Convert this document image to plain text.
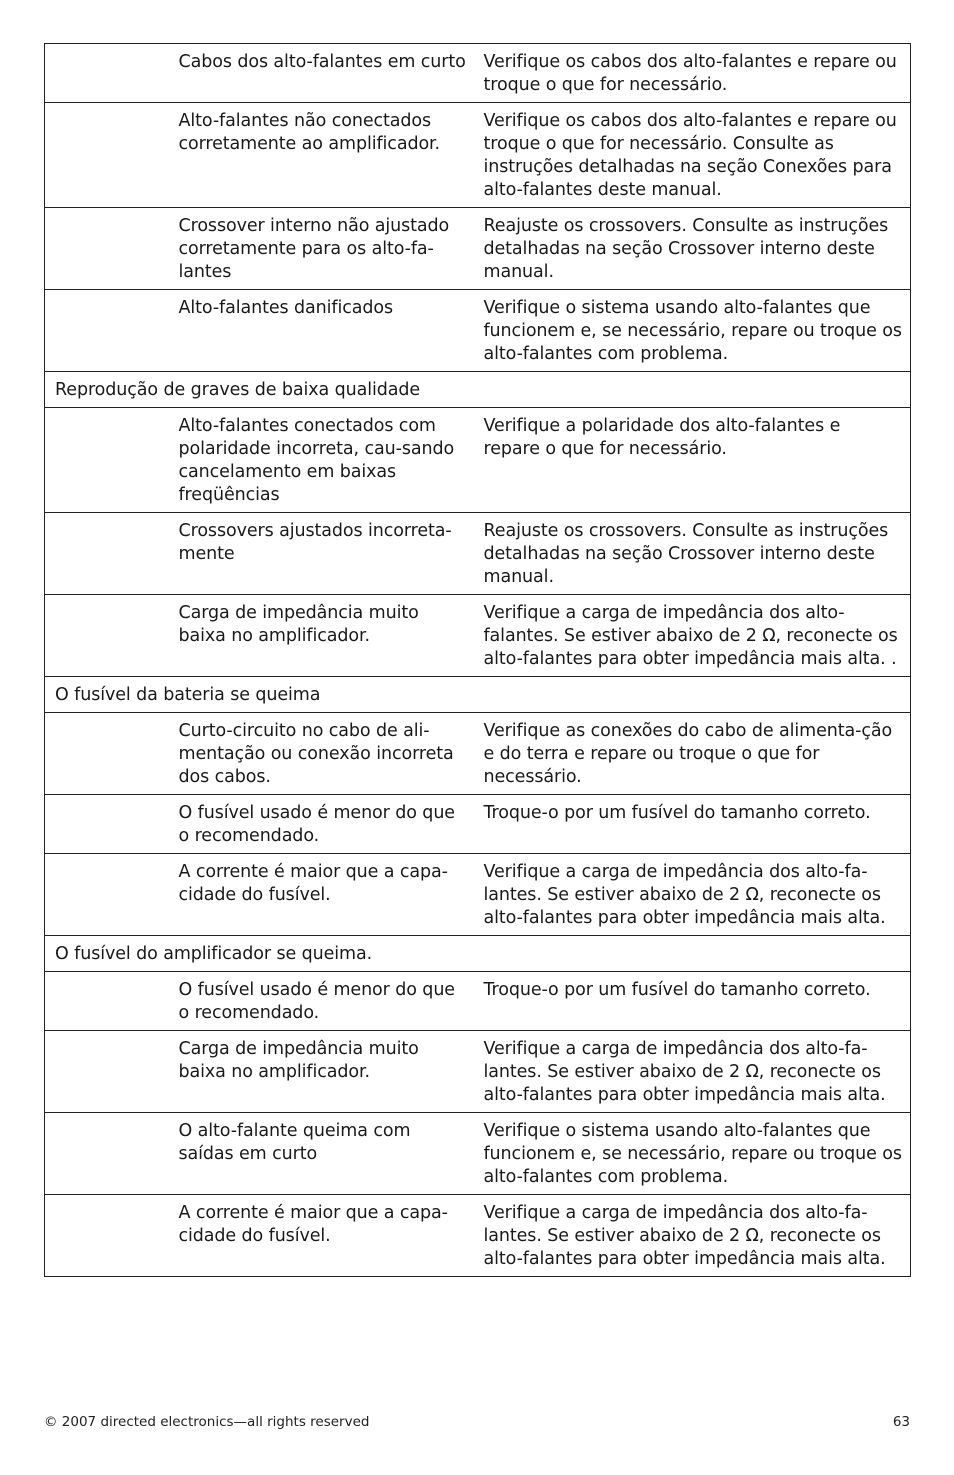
	Cabos dos alto-falantes em curto	Verifique os cabos dos alto-falantes e repare ou troque o que for necessário.
	Alto-falantes não conectados corretamente ao amplificador.	Verifique os cabos dos alto-falantes e repare ou troque o que for necessário. Consulte as instruções detalhadas na seção Conexões para alto-falantes deste manual.
	Crossover interno não ajustado corretamente para os alto-fa-lantes	Reajuste os crossovers. Consulte as instruções detalhadas na seção Crossover interno deste manual.
	Alto-falantes danificados	Verifique o sistema usando alto-falantes que funcionem e, se necessário, repare ou troque os alto-falantes com problema.
Reprodução de graves de baixa qualidade		
	Alto-falantes conectados com polaridade incorreta, cau-sando cancelamento em baixas freqüências	Verifique a polaridade dos alto-falantes e repare o que for necessário.
	Crossovers ajustados incorreta-mente	Reajuste os crossovers. Consulte as instruções detalhadas na seção Crossover interno deste manual.
	Carga de impedância muito baixa no amplificador.	Verifique a carga de impedância dos alto-falantes. Se estiver abaixo de 2 Ω, reconecte os alto-falantes para obter impedância mais alta. .
O fusível da bateria se queima		
	Curto-circuito no cabo de ali-mentação ou conexão incorreta dos cabos.	Verifique as conexões do cabo de alimenta-ção e do terra e repare ou troque o que for necessário.
	O fusível usado é menor do que o recomendado.	Troque-o por um fusível do tamanho correto.
	A corrente é maior que a capa-cidade do fusível.	Verifique a carga de impedância dos alto-fa-lantes. Se estiver abaixo de 2 Ω, reconecte os alto-falantes para obter impedância mais alta.
O fusível do amplificador se queima.		
	O fusível usado é menor do que o recomendado.	Troque-o por um fusível do tamanho correto.
	Carga de impedância muito baixa no amplificador.	Verifique a carga de impedância dos alto-fa-lantes. Se estiver abaixo de 2 Ω, reconecte os alto-falantes para obter impedância mais alta.
	O alto-falante queima com saídas em curto	Verifique o sistema usando alto-falantes que funcionem e, se necessário, repare ou troque os alto-falantes com problema.
	A corrente é maior que a capa-cidade do fusível.	Verifique a carga de impedância dos alto-fa-lantes. Se estiver abaixo de 2 Ω, reconecte os alto-falantes para obter impedância mais alta.
© 2007 directed electronics—all rights reserved	63
